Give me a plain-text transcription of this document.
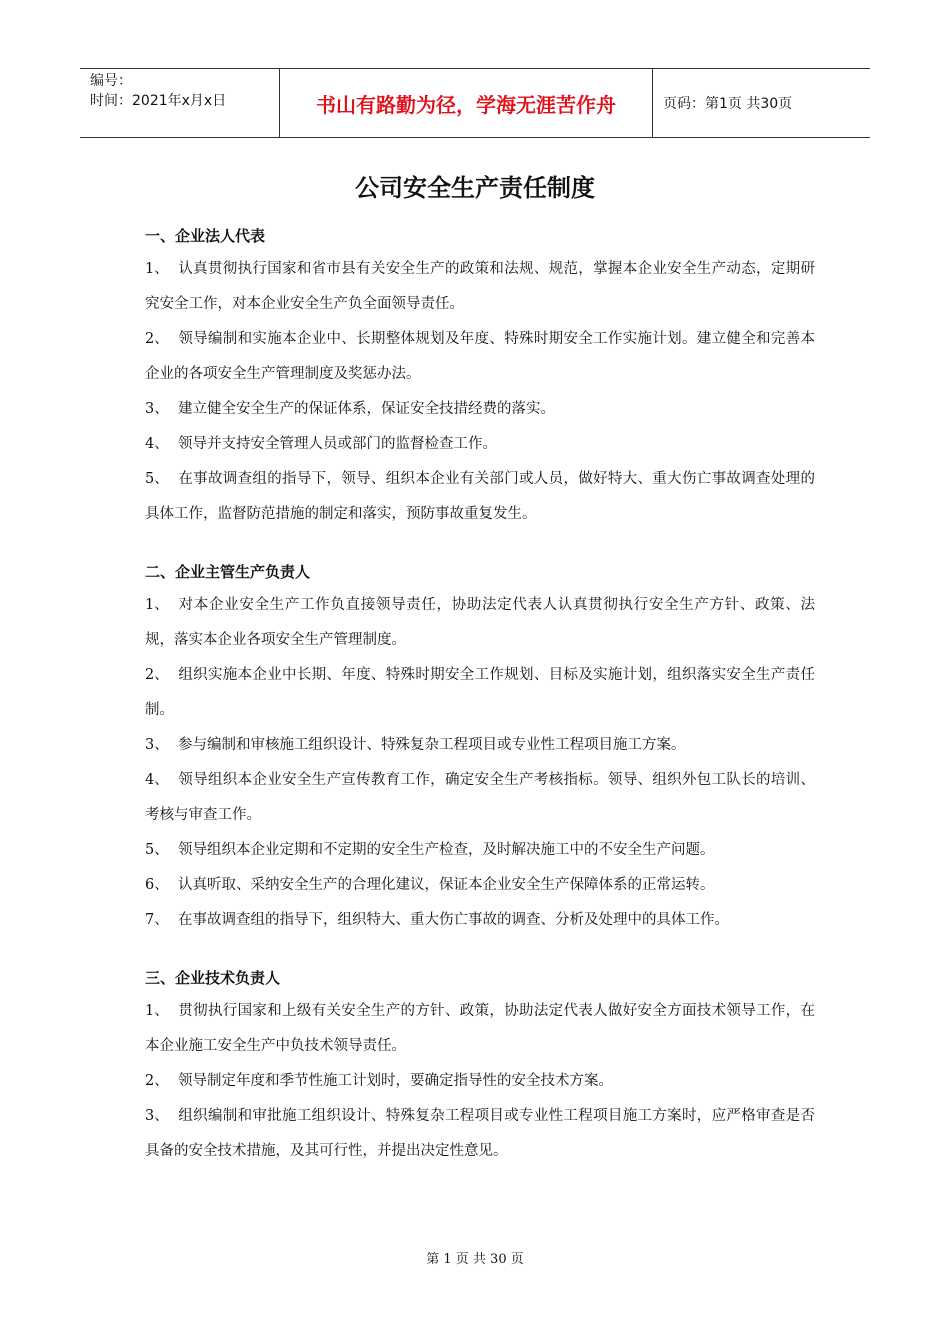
编号：
时间：2021年x月x日	书山有路勤为径，学海无涯苦作舟	页码：第1页 共30页
公司安全生产责任制度
一、企业法人代表
1、 认真贯彻执行国家和省市县有关安全生产的政策和法规、规范，掌握本企业安全生产动态，定期研究安全工作，对本企业安全生产负全面领导责任。
2、 领导编制和实施本企业中、长期整体规划及年度、特殊时期安全工作实施计划。建立健全和完善本企业的各项安全生产管理制度及奖惩办法。
3、 建立健全安全生产的保证体系，保证安全技措经费的落实。
4、 领导并支持安全管理人员或部门的监督检查工作。
5、 在事故调查组的指导下，领导、组织本企业有关部门或人员，做好特大、重大伤亡事故调查处理的具体工作，监督防范措施的制定和落实，预防事故重复发生。
二、企业主管生产负责人
1、 对本企业安全生产工作负直接领导责任，协助法定代表人认真贯彻执行安全生产方针、政策、法规，落实本企业各项安全生产管理制度。
2、 组织实施本企业中长期、年度、特殊时期安全工作规划、目标及实施计划，组织落实安全生产责任制。
3、 参与编制和审核施工组织设计、特殊复杂工程项目或专业性工程项目施工方案。
4、 领导组织本企业安全生产宣传教育工作，确定安全生产考核指标。领导、组织外包工队长的培训、考核与审查工作。
5、 领导组织本企业定期和不定期的安全生产检查，及时解决施工中的不安全生产问题。
6、 认真听取、采纳安全生产的合理化建议，保证本企业安全生产保障体系的正常运转。
7、 在事故调查组的指导下，组织特大、重大伤亡事故的调查、分析及处理中的具体工作。
三、企业技术负责人
1、 贯彻执行国家和上级有关安全生产的方针、政策，协助法定代表人做好安全方面技术领导工作，在本企业施工安全生产中负技术领导责任。
2、 领导制定年度和季节性施工计划时，要确定指导性的安全技术方案。
3、 组织编制和审批施工组织设计、特殊复杂工程项目或专业性工程项目施工方案时，应严格审查是否具备的安全技术措施，及其可行性，并提出决定性意见。
第 1 页 共 30 页
